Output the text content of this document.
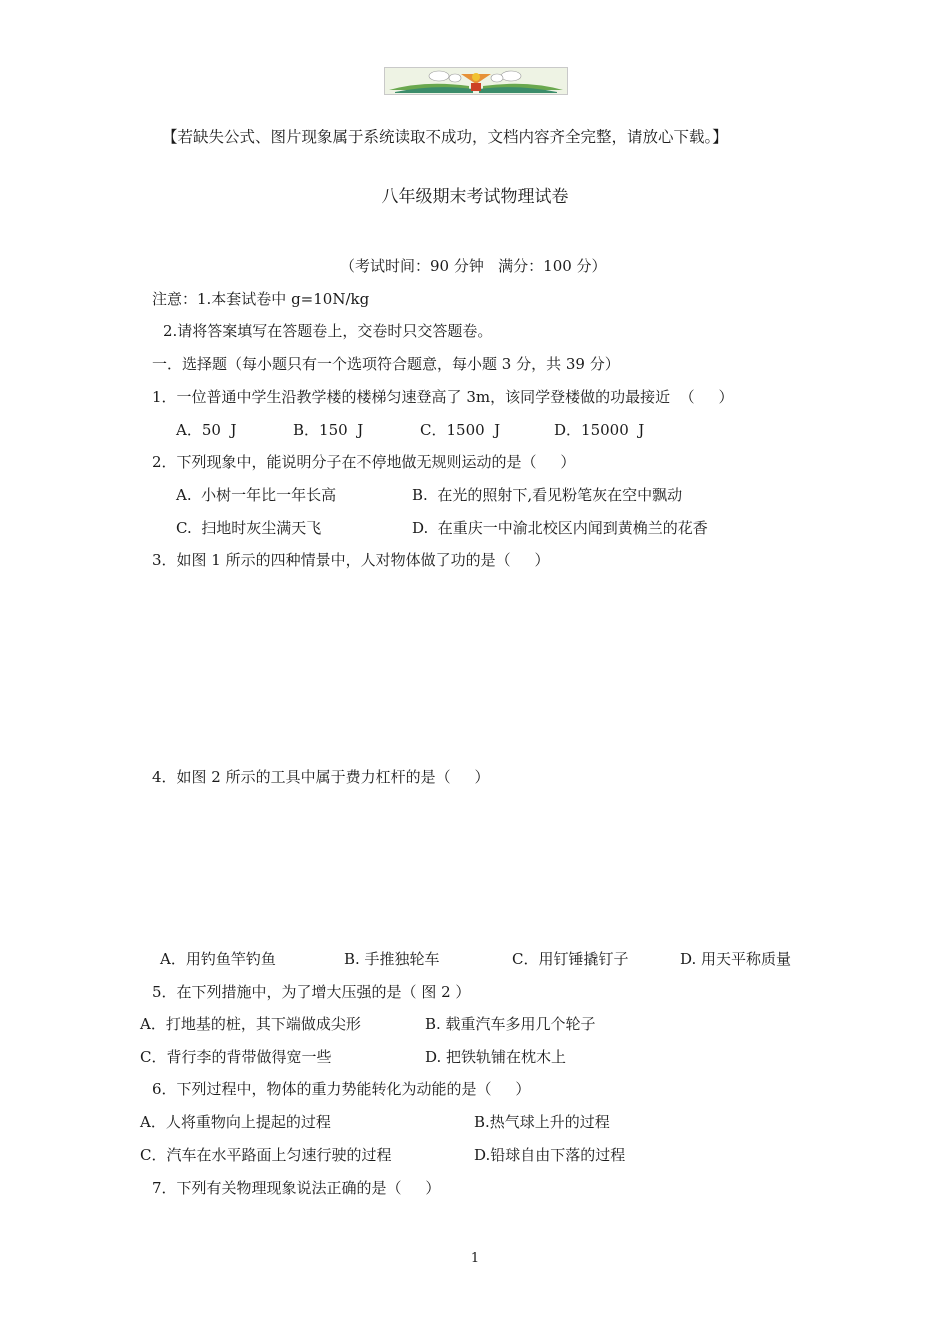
【若缺失公式、图片现象属于系统读取不成功，文档内容齐全完整，请放心下载。】
八年级期末考试物理试卷
（考试时间：90 分钟   满分：100 分）
注意：1.本套试卷中 g=10N/kg
2.请将答案填写在答题卷上，交卷时只交答题卷。
一．选择题（每小题只有一个选项符合题意，每小题 3 分，共 39 分）
1．一位普通中学生沿教学楼的楼梯匀速登高了 3m，该同学登楼做的功最接近  （     ）
A．50  J	B．150  J	C．1500  J	D．15000  J
2．下列现象中，能说明分子在不停地做无规则运动的是（     ）
A.  小树一年比一年长高	B.  在光的照射下,看见粉笔灰在空中飘动
C.  扫地时灰尘满天飞	D.  在重庆一中渝北校区内闻到黄桷兰的花香
3．如图 1 所示的四种情景中，人对物体做了功的是（     ）
4．如图 2 所示的工具中属于费力杠杆的是（     ）
A．用钓鱼竿钓鱼	B. 手推独轮车	C．用钉锤撬钉子	D. 用天平称质量
5．在下列措施中，为了增大压强的是（ 图 2 ）
A．打地基的桩，其下端做成尖形	B. 载重汽车多用几个轮子
C．背行李的背带做得宽一些	D. 把铁轨铺在枕木上
6．下列过程中，物体的重力势能转化为动能的是（     ）
A．人将重物向上提起的过程	B.热气球上升的过程
C．汽车在水平路面上匀速行驶的过程	D.铅球自由下落的过程
7．下列有关物理现象说法正确的是（     ）
1
